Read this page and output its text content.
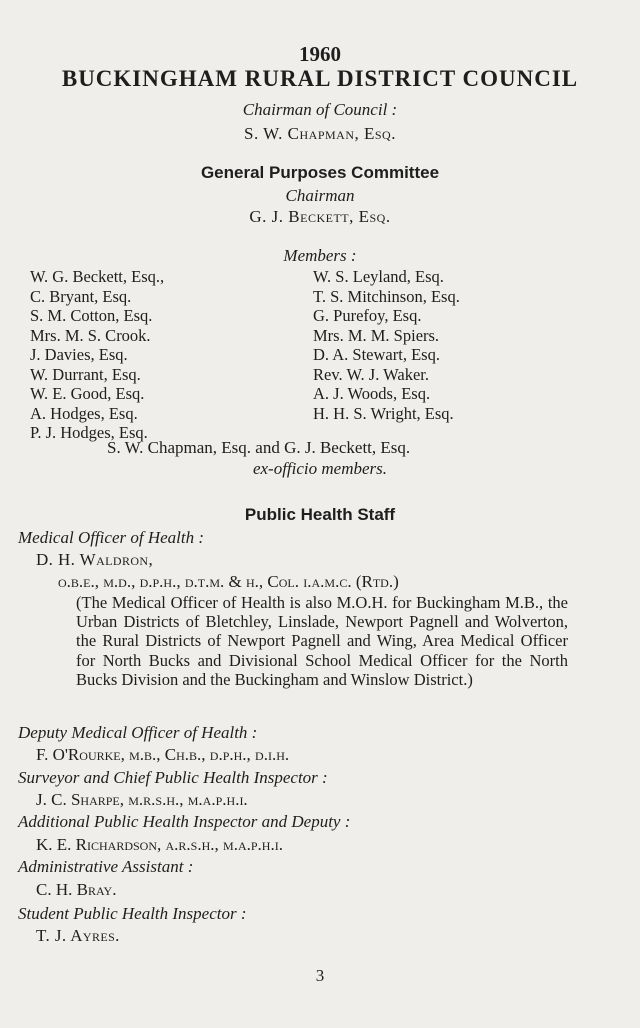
1960
BUCKINGHAM RURAL DISTRICT COUNCIL
Chairman of Council :
S. W. Chapman, Esq.
General Purposes Committee
Chairman
G. J. Beckett, Esq.
Members :
W. G. Beckett, Esq.,
C. Bryant, Esq.
S. M. Cotton, Esq.
Mrs. M. S. Crook.
J. Davies, Esq.
W. Durrant, Esq.
W. E. Good, Esq.
A. Hodges, Esq.
P. J. Hodges, Esq.
W. S. Leyland, Esq.
T. S. Mitchinson, Esq.
G. Purefoy, Esq.
Mrs. M. M. Spiers.
D. A. Stewart, Esq.
Rev. W. J. Waker.
A. J. Woods, Esq.
H. H. S. Wright, Esq.
S. W. Chapman, Esq. and G. J. Beckett, Esq.
ex-officio members.
Public Health Staff
Medical Officer of Health :
D. H. Waldron,
o.b.e., m.d., d.p.h., d.t.m. & h., Col. i.a.m.c. (Rtd.)
(The Medical Officer of Health is also M.O.H. for Buckingham M.B., the Urban Districts of Bletchley, Linslade, Newport Pagnell and Wolverton, the Rural Districts of Newport Pagnell and Wing, Area Medical Officer for North Bucks and Divisional School Medical Officer for the North Bucks Division and the Buckingham and Winslow District.)
Deputy Medical Officer of Health :
F. O'Rourke, m.b., Ch.b., d.p.h., d.i.h.
Surveyor and Chief Public Health Inspector :
J. C. Sharpe, m.r.s.h., m.a.p.h.i.
Additional Public Health Inspector and Deputy :
K. E. Richardson, a.r.s.h., m.a.p.h.i.
Administrative Assistant :
C. H. Bray.
Student Public Health Inspector :
T. J. Ayres.
3
